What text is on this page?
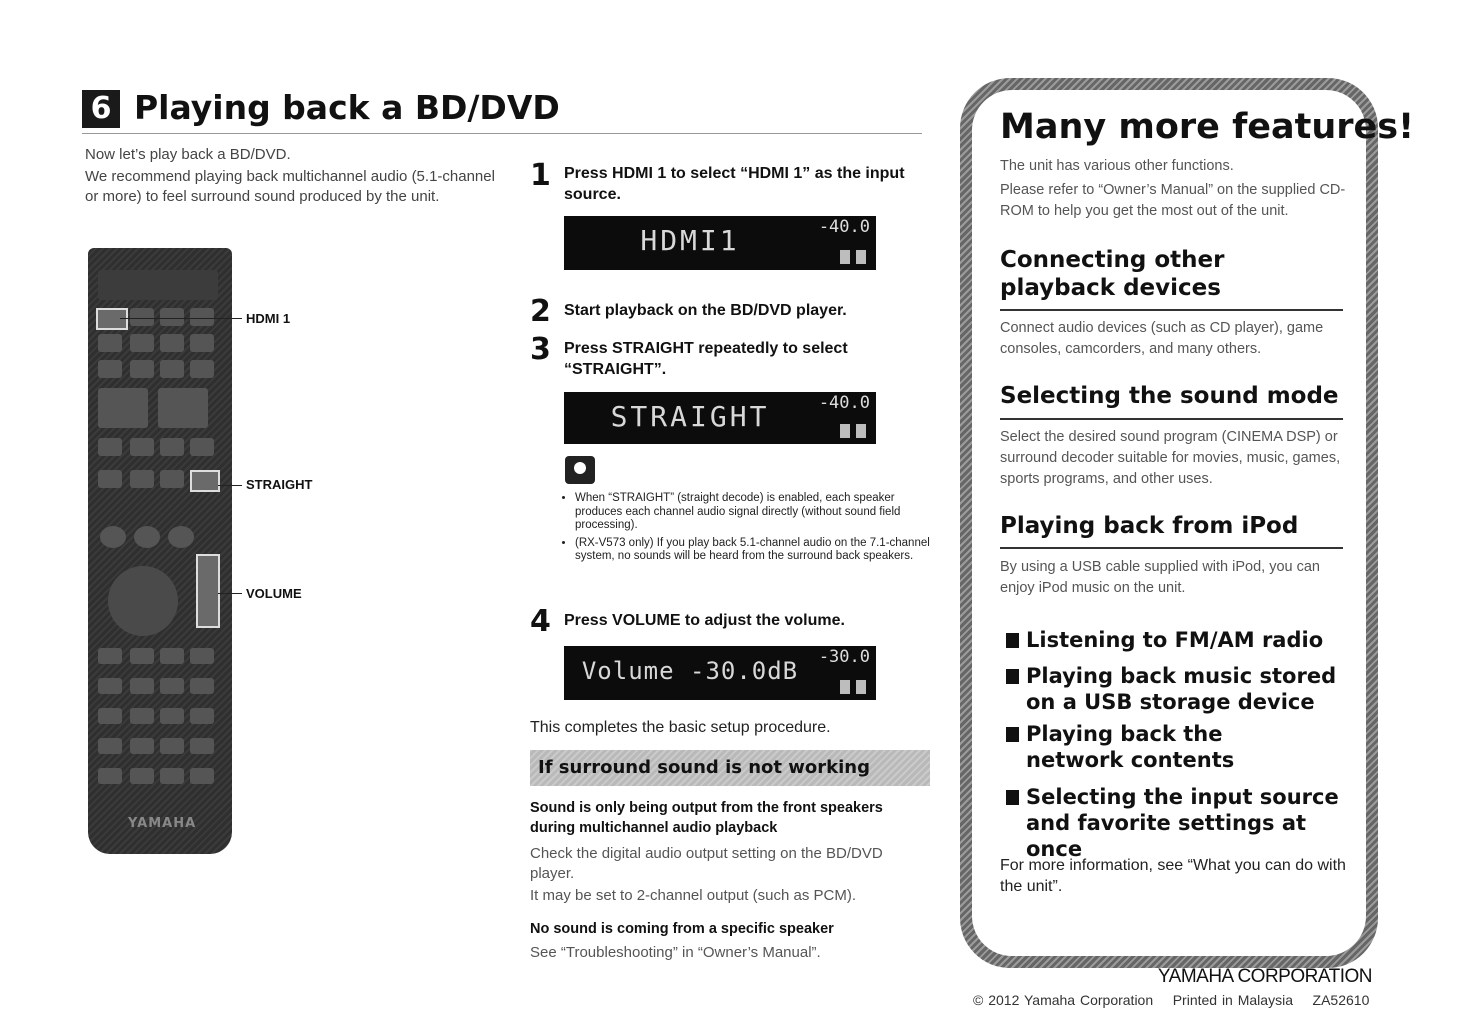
6 Playing back a BD/DVD

Now let’s play back a BD/DVD.

We recommend playing back multichannel audio (5.1-channel or more) to feel surround sound produced by the unit.

YAMAHA
HDMI 1
STRAIGHT
VOLUME
1 Press HDMI 1 to select “HDMI 1” as the input source.
HDMI1	-40.0
2 Start playback on the BD/DVD player.
3 Press STRAIGHT repeatedly to select “STRAIGHT”.
STRAIGHT	-40.0
• When “STRAIGHT” (straight decode) is enabled, each speaker produces each channel audio signal directly (without sound field processing).
• (RX-V573 only) If you play back 5.1-channel audio on the 7.1-channel system, no sounds will be heard from the surround back speakers.
4 Press VOLUME to adjust the volume.
Volume -30.0dB	-30.0
This completes the basic setup procedure.
If surround sound is not working
Sound is only being output from the front speakers during multichannel audio playback
Check the digital audio output setting on the BD/DVD player.
It may be set to 2-channel output (such as PCM).
No sound is coming from a specific speaker
See “Troubleshooting” in “Owner’s Manual”.
Many more features!
The unit has various other functions.
Please refer to “Owner’s Manual” on the supplied CD-ROM to help you get the most out of the unit.
Connecting other playback devices
Connect audio devices (such as CD player), game consoles, camcorders, and many others.
Selecting the sound mode
Select the desired sound program (CINEMA DSP) or surround decoder suitable for movies, music, games, sports programs, and other uses.
Playing back from iPod
By using a USB cable supplied with iPod, you can enjoy iPod music on the unit.
Listening to FM/AM radio
Playing back music stored on a USB storage device
Playing back the network contents
Selecting the input source and favorite settings at once
For more information, see “What you can do with the unit”.
YAMAHA CORPORATION
© 2012 Yamaha Corporation Printed in Malaysia ZA52610
